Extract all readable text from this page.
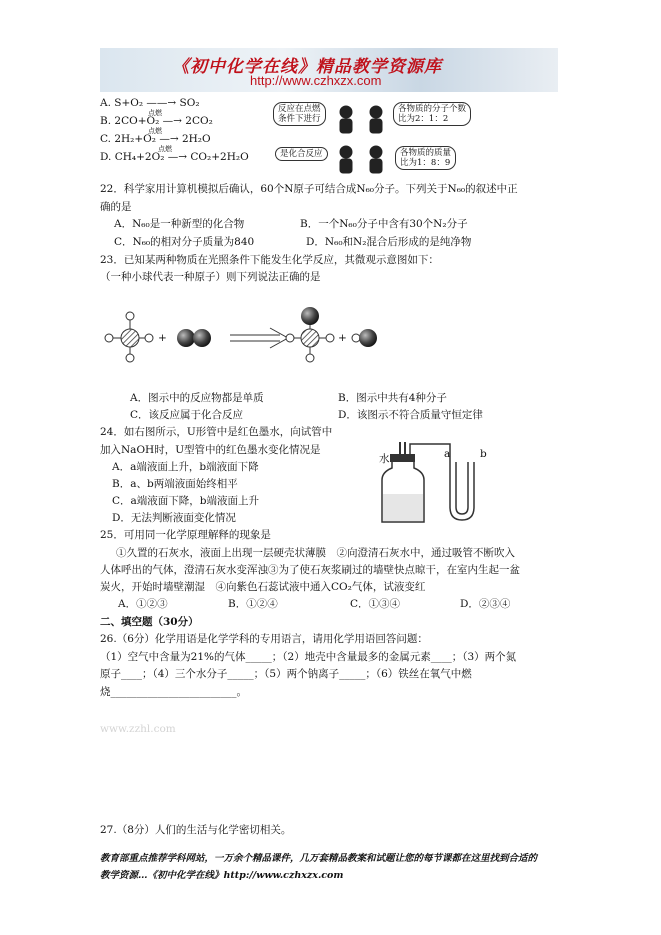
《初中化学在线》精品教学资源库
http://www.czhxzx.com
A. S+O₂ ——→ SO₂
B. 2CO+O₂ —→ 2CO₂
C. 2H₂+O₂ —→ 2H₂O
D. CH₄+2O₂ —→ CO₂+2H₂O
点燃
点燃
点燃
反应在点燃
条件下进行
各物质的分子个数
比为2：1：2
是化合反应	各物质的质量
比为1：8：9
22．科学家用计算机模拟后确认，60个N原子可结合成N₆₀分子。下列关于N₆₀的叙述中正
确的是
A．N₆₀是一种新型的化合物	B．一个N₆₀分子中含有30个N₂分子
C．N₆₀的相对分子质量为840	D．N₆₀和N₂混合后形成的是纯净物
23．已知某两种物质在光照条件下能发生化学反应，其微观示意图如下：
（一种小球代表一种原子）则下列说法正确的是
+	+
A．图示中的反应物都是单质	B．图示中共有4种分子
C．该反应属于化合反应	D．该图示不符合质量守恒定律
24．如右图所示，U形管中是红色墨水，向试管中
加入NaOH时，U型管中的红色墨水变化情况是
A．a端液面上升，b端液面下降
B．a、b两端液面始终相平
C．a端液面下降，b端液面上升
D．无法判断液面变化情况
水	a	b
25．可用同一化学原理解释的现象是
①久置的石灰水，液面上出现一层硬壳状薄膜　②向澄清石灰水中，通过吸管不断吹入
人体呼出的气体，澄清石灰水变浑浊③为了使石灰浆刷过的墙壁快点晾干，在室内生起一盆
炭火，开始时墙壁潮湿　④向紫色石蕊试液中通入CO₂气体，试液变红
A．①②③	B．①②④	C．①③④	D．②③④
二、填空题（30分）
26.（6分）化学用语是化学学科的专用语言，请用化学用语回答问题：
（1）空气中含量为21%的气体_____；（2）地壳中含量最多的金属元素____；（3）两个氮
原子____；（4）三个水分子_____；（5）两个钠离子_____；（6）铁丝在氧气中燃
烧________________________。
www.zzhl.com
27.（8分）人们的生活与化学密切相关。
教育部重点推荐学科网站，一万余个精品课件，几万套精品教案和试题让您的每节课都在这里找到合适的
教学资源…《初中化学在线》http://www.czhxzx.com
